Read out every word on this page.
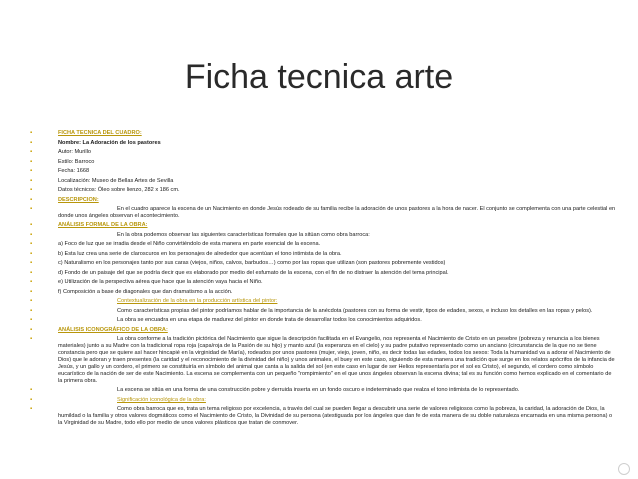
Ficha tecnica arte
▪	FICHA TECNICA DEL CUADRO:
▪	Nombre: La Adoración de los pastores
▪	Autor: Murillo
▪	Estilo: Barroco
▪	Fecha: 1668
▪	Localización: Museo de Bellas Artes de Sevilla
▪	Datos técnicos: Óleo sobre lienzo, 282 x 186 cm.
▪	DESCRIPCION:
▪	En el cuadro aparece la escena de un Nacimiento en donde Jesús rodeado de su familia recibe la adoración de unos pastores a la hora de nacer. El conjunto se complementa con una parte celestial en donde unos ángeles observan el acontecimiento.
▪	ANÁLISIS FORMAL DE LA OBRA:
▪	En la obra podemos observar las siguientes características formales que la sitúan como obra barroca:
▪	a) Foco de luz que se irradia desde el Niño convirtiéndolo de esta manera en parte esencial de la escena.
▪	b) Esta luz crea una serie de claroscuros en los personajes de alrededor que acentúan el tono intimista de la obra.
▪	c) Naturalismo en los personajes tanto por sus caras (viejos, niños, calvos, barbudos…) como por las ropas que utilizan (son pastores pobremente vestidos)
▪	d) Fondo de un paisaje del que se podría decir que es elaborado por medio del esfumato de la escena, con el fin de no distraer la atención del tema principal.
▪	e) Utilización de la perspectiva aérea que hace que la atención vaya hacia el Niño.
▪	f) Composición a base de diagonales que dan dramatismo a la acción.
▪	Contextualización de la obra en la producción artística del pintor:
▪	Como características propias del pintor podríamos hablar de la importancia de la anécdota (pastores con su forma de vestir, tipos de edades, sexos, e incluso los detalles en las ropas y pelos).
▪	La obra se encuadra en una etapa de madurez del pintor en donde trata de desarrollar todos los conocimientos adquiridos.
▪	ANÁLISIS ICONOGRÁFICO DE LA OBRA:
▪	La obra conforme a la tradición pictórica del Nacimiento que sigue la descripción facilitada en el Evangelio, nos representa el Nacimiento de Cristo en un pesebre (pobreza y renuncia a los bienes materiales) junto a su Madre con la tradicional ropa roja (capa/roja de la Pasión de su hijo) y manto azul (la esperanza en el cielo) y su padre putativo representado como un anciano (circunstancia de la que no se tiene constancia pero que se quiere así hacer hincapié en la virginidad de María), rodeados por unos pastores (mujer, viejo, joven, niño, es decir todas las edades, todos los sexos: Toda la humanidad va a adorar el Nacimiento de Dios) que le adoran y traen presentes (la caridad y el reconocimiento de la divinidad del niño) y unos animales, el buey en este caso, siguiendo de esta manera una tradición que surge en los relatos apócrifos de la infancia de Jesús, y un gallo y un cordero, el primero se constituiría en símbolo del animal que canta a la salida del sol (en este caso en lugar de ser Helios representaría por el sol es Cristo), el segundo, el cordero como símbolo eucarístico de la nación de ser de este Nacimiento. La escena se complementa con un pequeño "rompimiento" en el que unos ángeles observan la escena divina; tal es su función como hemos explicado en el comentario de la primera obra.
▪	La escena se sitúa en una forma de una construcción pobre y derruida inserta en un fondo oscuro e indeterminado que realza el tono intimista de lo representado.
▪	Significación iconológica de la obra:
▪	Como obra barroca que es, trata un tema religioso por excelencia, a través del cual se pueden llegar a descubrir una serie de valores religiosos como la pobreza, la caridad, la adoración de Dios, la humildad o la familia y otros valores dogmáticos como el Nacimiento de Cristo, la Divinidad de su persona (atestiguada por los ángeles que dan fe de esta manera de su doble naturaleza encarnada en una misma persona) o la Virginidad de su Madre, todo ello por medio de unos valores plásticos que tratan de conmover.
